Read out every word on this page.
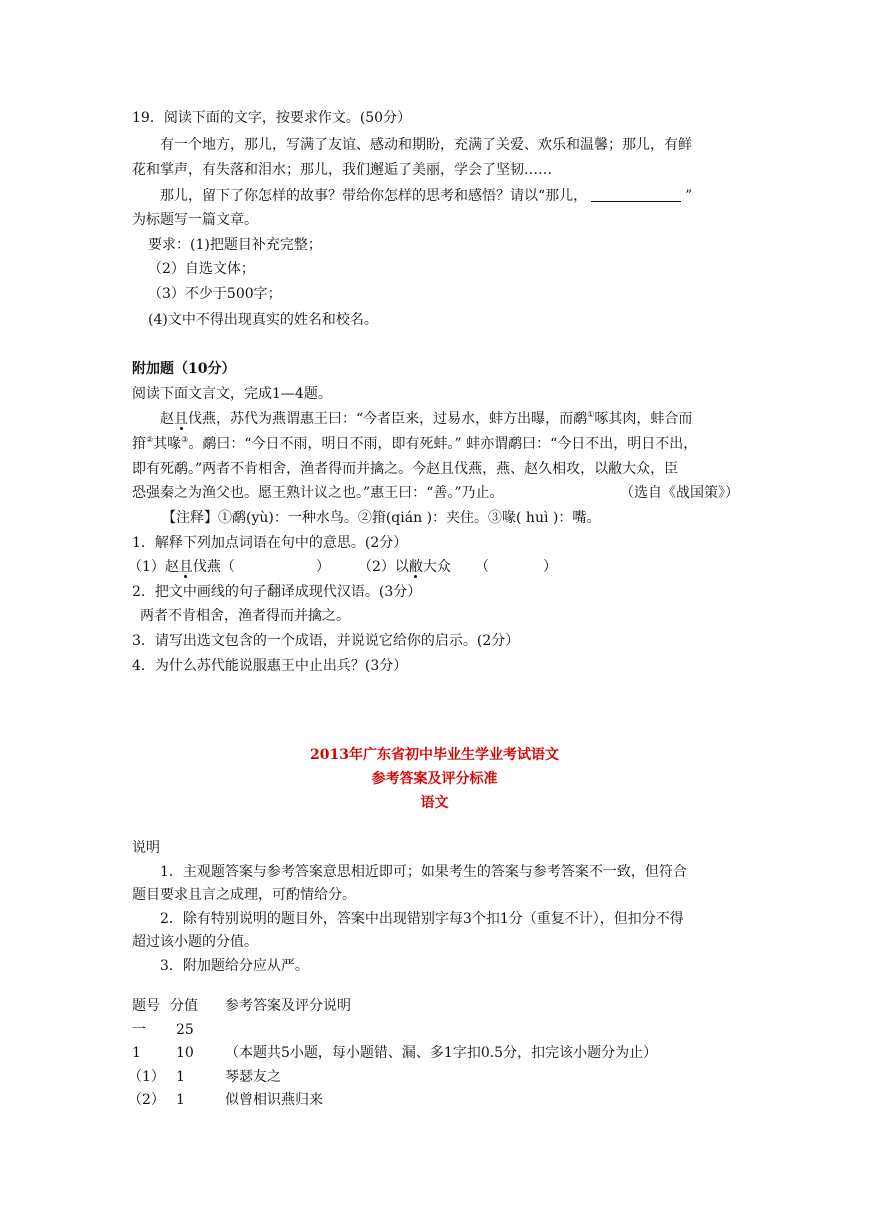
19．阅读下面的文字，按要求作文。(50分）
有一个地方，那儿，写满了友谊、感动和期盼，充满了关爱、欢乐和温馨；那儿，有鲜
花和掌声，有失落和泪水；那儿，我们邂逅了美丽，学会了坚韧……
那儿，留下了你怎样的故事？带给你怎样的思考和感悟？请以“那儿，	”
为标题写一篇文章。
要求：(1)把题目补充完整；
（2）自选文体；
（3）不少于500字；
(4)文中不得出现真实的姓名和校名。
附加题（10分）
阅读下面文言文，完成1—4题。
赵且伐燕，苏代为燕谓惠王曰：“今者臣来，过易水，蚌方出曝，而鹬①啄其肉，蚌合而
箝②其喙③。鹬曰：“今日不雨，明日不雨，即有死蚌。” 蚌亦谓鹬曰：“今日不出，明日不出，
即有死鹬。”两者不肯相舍，渔者得而并擒之。今赵且伐燕，燕、赵久相攻，以敝大众，臣
恐强秦之为渔父也。愿王熟计议之也。”惠王曰：“善。”乃止。	（选自《战国策》）
【注释】①鹬(yù)：一种水鸟。②箝(qián )：夹住。③喙( huì )：嘴。
1．解释下列加点词语在句中的意思。(2分）
（1）赵且伐燕（	） （2）以敝大众 （	）
2．把文中画线的句子翻译成现代汉语。(3分）
两者不肯相舍，渔者得而并擒之。
3．请写出选文包含的一个成语，并说说它给你的启示。(2分）
4．为什么苏代能说服惠王中止出兵？(3分）
2013年广东省初中毕业生学业考试语文
参考答案及评分标准
语文
说明
1．主观题答案与参考答案意思相近即可；如果考生的答案与参考答案不一致，但符合
题目要求且言之成理，可酌情给分。
2．除有特别说明的题目外，答案中出现错别字每3个扣1分（重复不计），但扣分不得
超过该小题的分值。
3．附加题给分应从严。
题号 分值 参考答案及评分说明
一 25
1	10 （本题共5小题，每小题错、漏、多1字扣0.5分，扣完该小题分为止）
（1） 1	琴瑟友之
（2） 1	似曾相识燕归来
